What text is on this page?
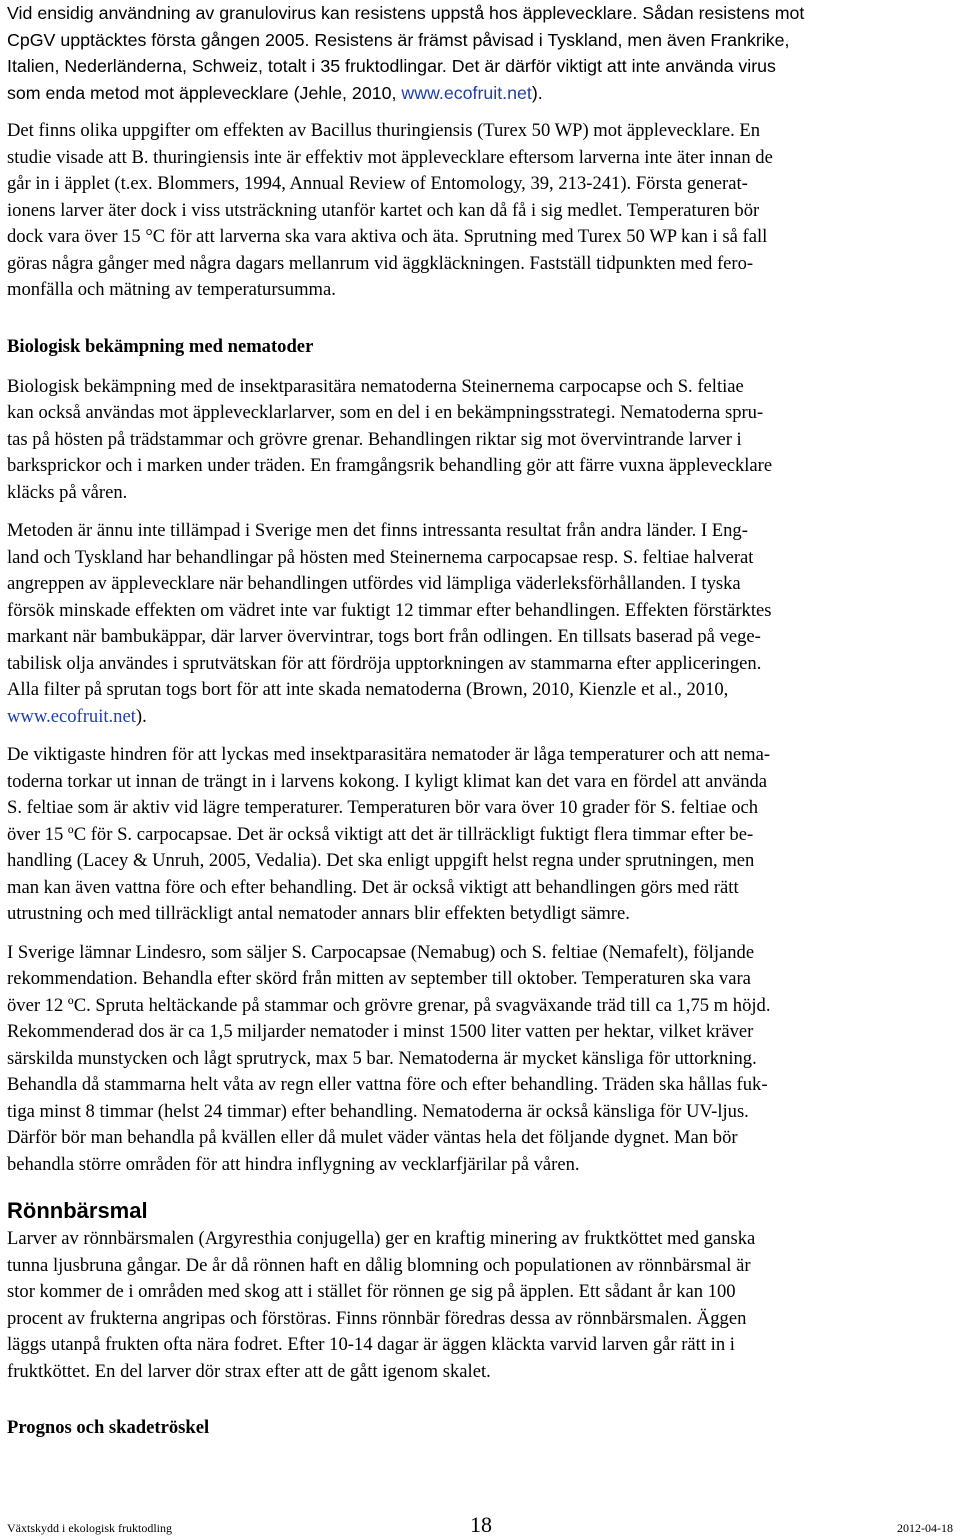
Vid ensidig användning av granulovirus kan resistens uppstå hos äpplevecklare. Sådan resistens mot
CpGV upptäcktes första gången 2005. Resistens är främst påvisad i Tyskland, men även Frankrike,
Italien, Nederländerna, Schweiz, totalt i 35 fruktodlingar. Det är därför viktigt att inte använda virus
som enda metod mot äpplevecklare (Jehle, 2010, www.ecofruit.net).

Det finns olika uppgifter om effekten av Bacillus thuringiensis (Turex 50 WP) mot äpplevecklare. En
studie visade att B. thuringiensis inte är effektiv mot äpplevecklare eftersom larverna inte äter innan de
går in i äpplet (t.ex. Blommers, 1994, Annual Review of Entomology, 39, 213-241). Första generat-
ionens larver äter dock i viss utsträckning utanför kartet och kan då få i sig medlet. Temperaturen bör
dock vara över 15 °C för att larverna ska vara aktiva och äta. Sprutning med Turex 50 WP kan i så fall
göras några gånger med några dagars mellanrum vid äggkläckningen. Fastställ tidpunkten med fero-
monfälla och mätning av temperatursumma.

Biologisk bekämpning med nematoder

Biologisk bekämpning med de insektparasitära nematoderna Steinernema carpocapse och S. feltiae
kan också användas mot äpplevecklarlarver, som en del i en bekämpningsstrategi. Nematoderna spru-
tas på hösten på trädstammar och grövre grenar. Behandlingen riktar sig mot övervintrande larver i
barksprickor och i marken under träden. En framgångsrik behandling gör att färre vuxna äpplevecklare
kläcks på våren.

Metoden är ännu inte tillämpad i Sverige men det finns intressanta resultat från andra länder. I Eng-
land och Tyskland har behandlingar på hösten med Steinernema carpocapsae resp. S. feltiae halverat
angreppen av äpplevecklare när behandlingen utfördes vid lämpliga väderleksförhållanden. I tyska
försök minskade effekten om vädret inte var fuktigt 12 timmar efter behandlingen. Effekten förstärktes
markant när bambukäppar, där larver övervintrar, togs bort från odlingen. En tillsats baserad på vege-
tabilisk olja användes i sprutvätskan för att fördröja upptorkningen av stammarna efter appliceringen.
Alla filter på sprutan togs bort för att inte skada nematoderna (Brown, 2010, Kienzle et al., 2010,
www.ecofruit.net).

De viktigaste hindren för att lyckas med insektparasitära nematoder är låga temperaturer och att nema-
toderna torkar ut innan de trängt in i larvens kokong. I kyligt klimat kan det vara en fördel att använda
S. feltiae som är aktiv vid lägre temperaturer. Temperaturen bör vara över 10 grader för S. feltiae och
över 15 ºC för S. carpocapsae. Det är också viktigt att det är tillräckligt fuktigt flera timmar efter be-
handling (Lacey & Unruh, 2005, Vedalia). Det ska enligt uppgift helst regna under sprutningen, men
man kan även vattna före och efter behandling. Det är också viktigt att behandlingen görs med rätt
utrustning och med tillräckligt antal nematoder annars blir effekten betydligt sämre.

I Sverige lämnar Lindesro, som säljer S. Carpocapsae (Nemabug) och S. feltiae (Nemafelt), följande
rekommendation. Behandla efter skörd från mitten av september till oktober. Temperaturen ska vara
över 12 ºC. Spruta heltäckande på stammar och grövre grenar, på svagväxande träd till ca 1,75 m höjd.
Rekommenderad dos är ca 1,5 miljarder nematoder i minst 1500 liter vatten per hektar, vilket kräver
särskilda munstycken och lågt sprutryck, max 5 bar. Nematoderna är mycket känsliga för uttorkning.
Behandla då stammarna helt våta av regn eller vattna före och efter behandling. Träden ska hållas fuk-
tiga minst 8 timmar (helst 24 timmar) efter behandling. Nematoderna är också känsliga för UV-ljus.
Därför bör man behandla på kvällen eller då mulet väder väntas hela det följande dygnet. Man bör
behandla större områden för att hindra inflygning av vecklarfjärilar på våren.

Rönnbärsmal

Larver av rönnbärsmalen (Argyresthia conjugella) ger en kraftig minering av fruktköttet med ganska
tunna ljusbruna gångar. De år då rönnen haft en dålig blomning och populationen av rönnbärsmal är
stor kommer de i områden med skog att i stället för rönnen ge sig på äpplen. Ett sådant år kan 100
procent av frukterna angripas och förstöras. Finns rönnbär föredras dessa av rönnbärsmalen. Äggen
läggs utanpå frukten ofta nära fodret. Efter 10-14 dagar är äggen kläckta varvid larven går rätt in i
fruktköttet. En del larver dör strax efter att de gått igenom skalet.

Prognos och skadetröskel
Växtskydd i ekologisk fruktodling	18	2012-04-18
